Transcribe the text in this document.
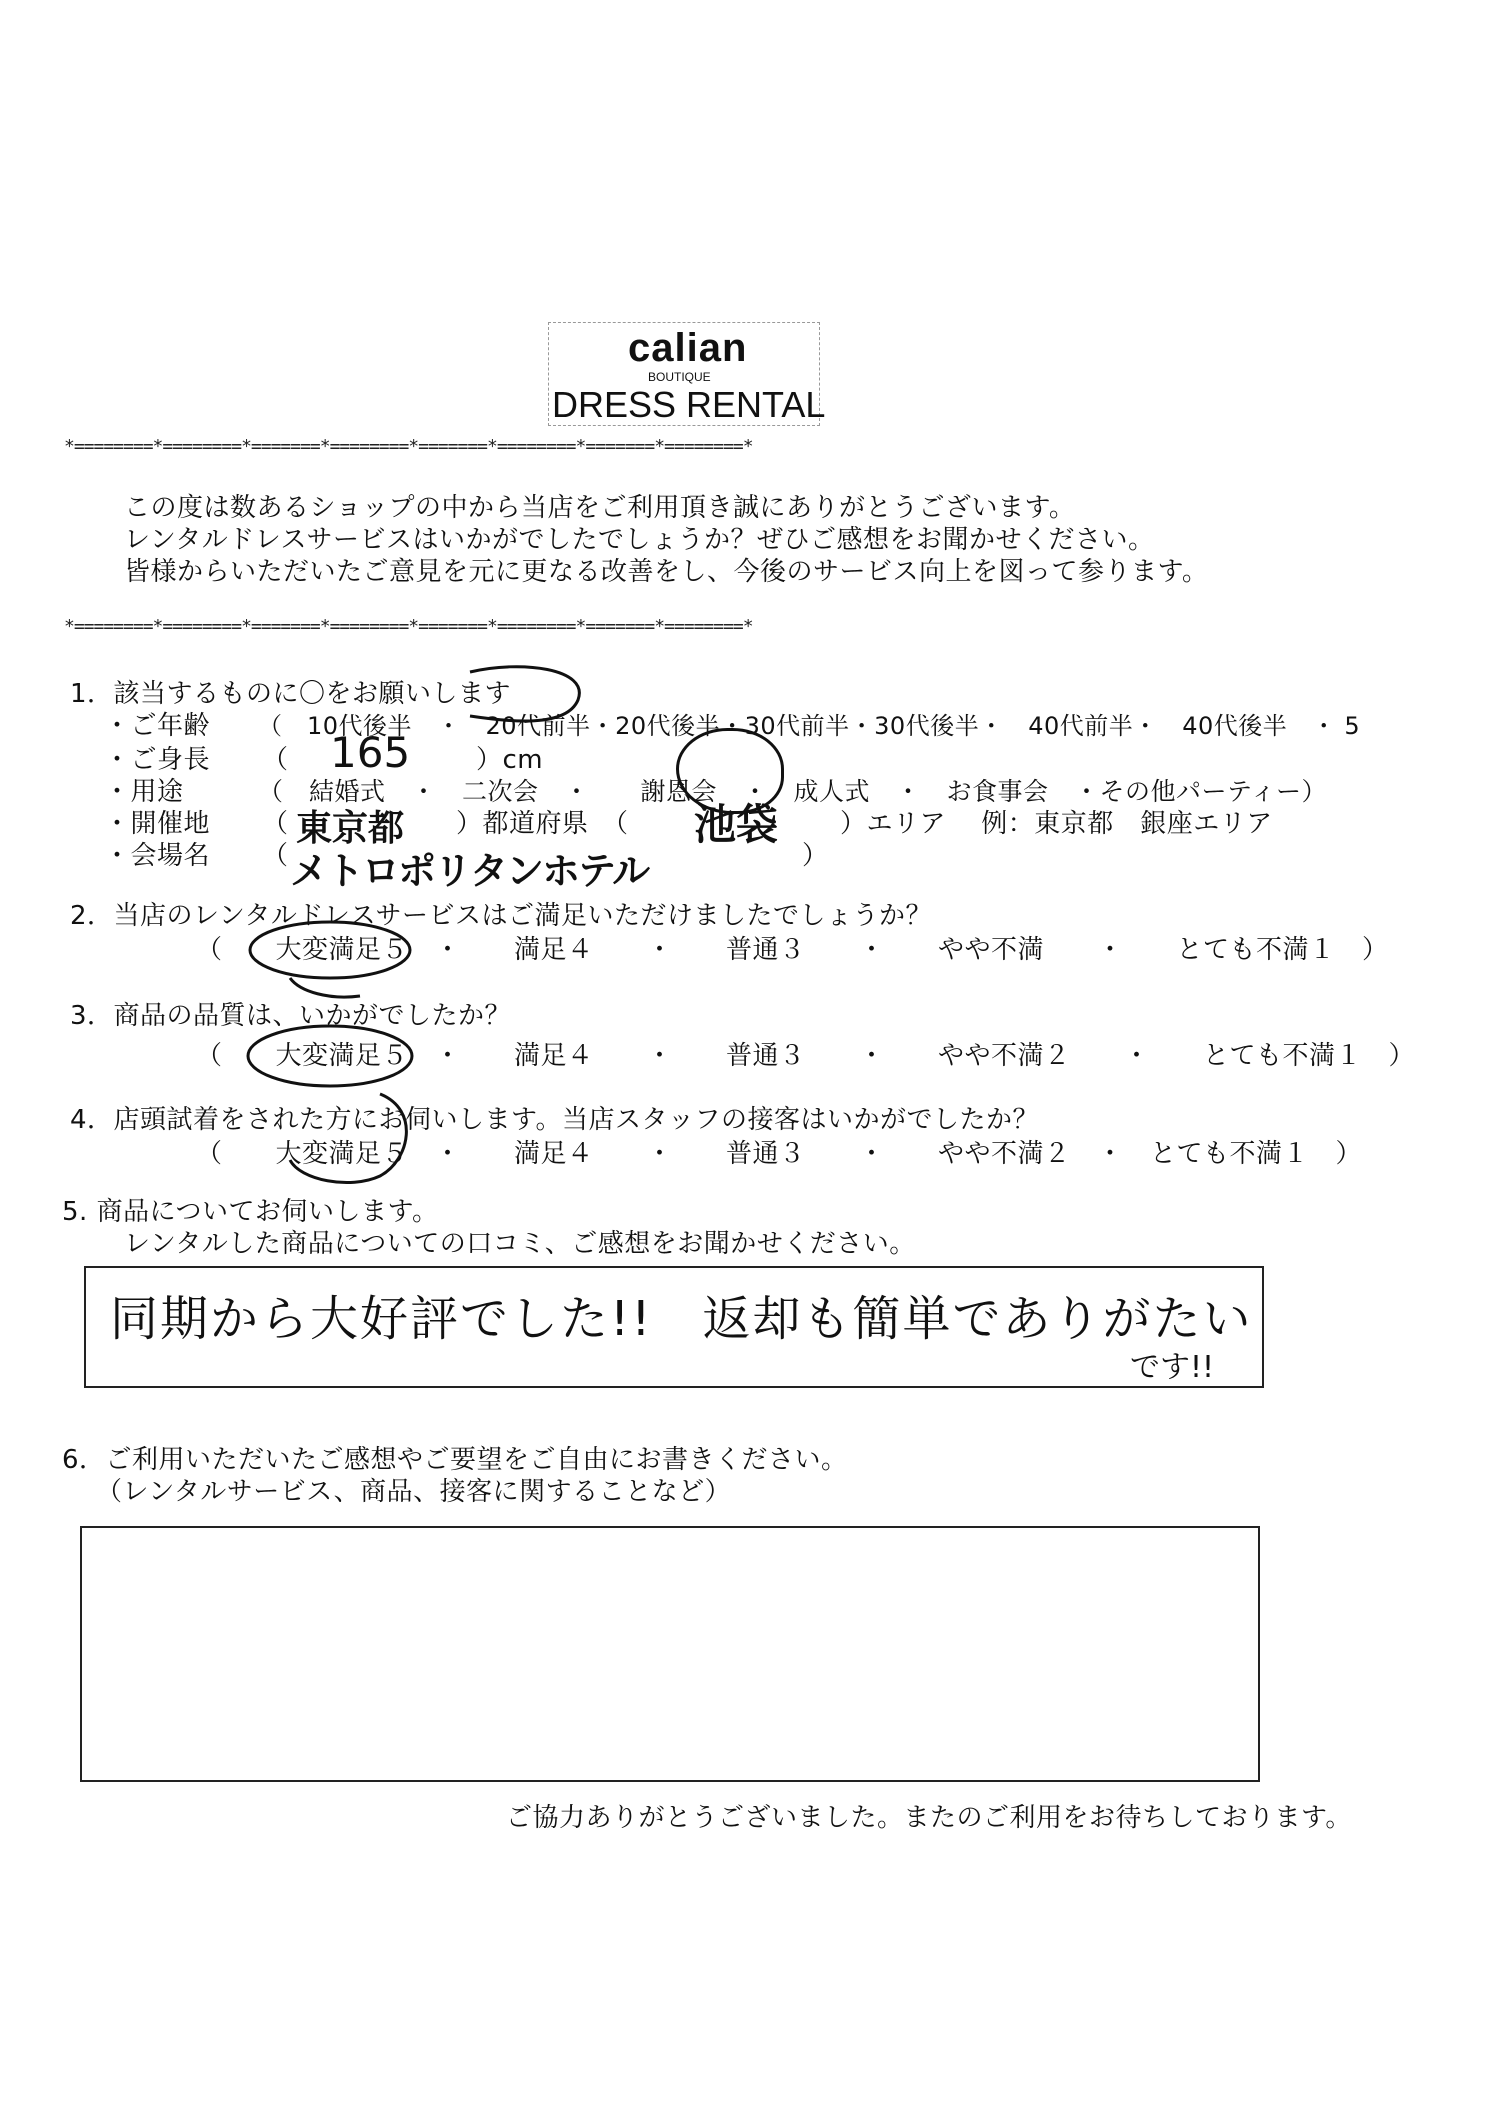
calian
BOUTIQUE
DRESS RENTAL
*========*========*=======*========*=======*========*=======*========*
この度は数あるショップの中から当店をご利用頂き誠にありがとうございます。
レンタルドレスサービスはいかがでしたでしょうか？ぜひご感想をお聞かせください。
皆様からいただいたご意見を元に更なる改善をし、今後のサービス向上を図って参ります。
*========*========*=======*========*=======*========*=======*========*
1．該当するものに〇をお願いします
・ご年齢 （　10代後半　・　20代前半・20代後半・30代前半・30代後半・　40代前半・　40代後半　・ 5
・ご身長 （ 165	）cm
・用途	（　結婚式　・　二次会　・　　謝恩会　・　成人式　・　お食事会　・その他パーティー）
・開催地 （ 東京都 ）都道府県　（ 池袋 ）エリア　 例：東京都　銀座エリア
・会場名 （ メトロポリタンホテル	）
2．当店のレンタルドレスサービスはご満足いただけましたでしょうか？
（　　大変満足５　・　　満足４　　・　　普通３　　・　　やや不満　　・　　とても不満１　）
3．商品の品質は、いかがでしたか？
（　　大変満足５　・　　満足４　　・　　普通３　　・　　やや不満２　　・　　とても不満１　）
4．店頭試着をされた方にお伺いします。当店スタッフの接客はいかがでしたか？
（　　大変満足５　・　　満足４　　・　　普通３　　・　　やや不満２　・　とても不満１　）
5. 商品についてお伺いします。
レンタルした商品についての口コミ、ご感想をお聞かせください。
同期から大好評でした!!　返却も簡単でありがたい
です!!
6．ご利用いただいたご感想やご要望をご自由にお書きください。
（レンタルサービス、商品、接客に関することなど）
ご協力ありがとうございました。またのご利用をお待ちしております。
